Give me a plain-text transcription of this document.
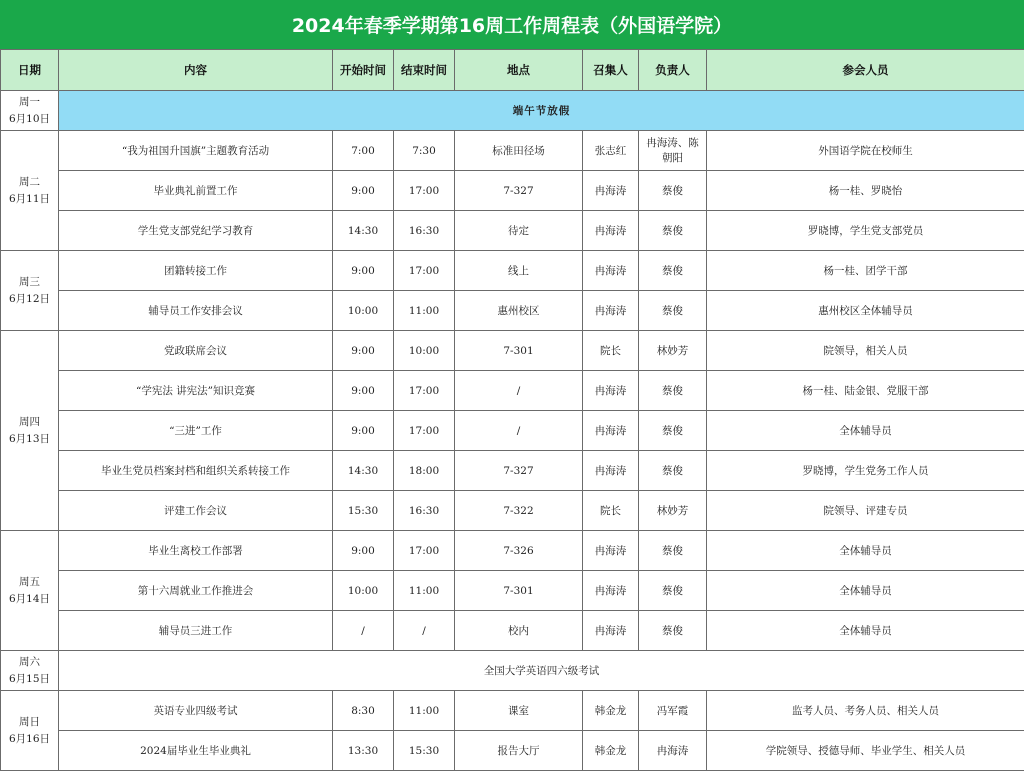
2024年春季学期第16周工作周程表（外国语学院）
日期	内容	开始时间	结束时间	地点	召集人	负责人	参会人员
周一
6月10日	端午节放假						
周二
6月11日	“我为祖国升国旗”主题教育活动	7:00	7:30	标准田径场	张志红	冉海涛、陈朝阳	外国语学院在校师生
	毕业典礼前置工作	9:00	17:00	7-327	冉海涛	蔡俊	杨一桂、罗晓怡
	学生党支部党纪学习教育	14:30	16:30	待定	冉海涛	蔡俊	罗晓博，学生党支部党员
周三
6月12日	团籍转接工作	9:00	17:00	线上	冉海涛	蔡俊	杨一桂、团学干部
	辅导员工作安排会议	10:00	11:00	惠州校区	冉海涛	蔡俊	惠州校区全体辅导员
周四
6月13日	党政联席会议	9:00	10:00	7-301	院长	林妙芳	院领导，相关人员
	“学宪法 讲宪法”知识竞赛	9:00	17:00	/	冉海涛	蔡俊	杨一桂、陆金银、党服干部
	“三进”工作	9:00	17:00	/	冉海涛	蔡俊	全体辅导员
	毕业生党员档案封档和组织关系转接工作	14:30	18:00	7-327	冉海涛	蔡俊	罗晓博，学生党务工作人员
	评建工作会议	15:30	16:30	7-322	院长	林妙芳	院领导、评建专员
周五
6月14日	毕业生离校工作部署	9:00	17:00	7-326	冉海涛	蔡俊	全体辅导员
	第十六周就业工作推进会	10:00	11:00	7-301	冉海涛	蔡俊	全体辅导员
	辅导员三进工作	/	/	校内	冉海涛	蔡俊	全体辅导员
周六
6月15日	全国大学英语四六级考试						
周日
6月16日	英语专业四级考试	8:30	11:00	课室	韩金龙	冯军霞	监考人员、考务人员、相关人员
	2024届毕业生毕业典礼	13:30	15:30	报告大厅	韩金龙	冉海涛	学院领导、授德导师、毕业学生、相关人员
